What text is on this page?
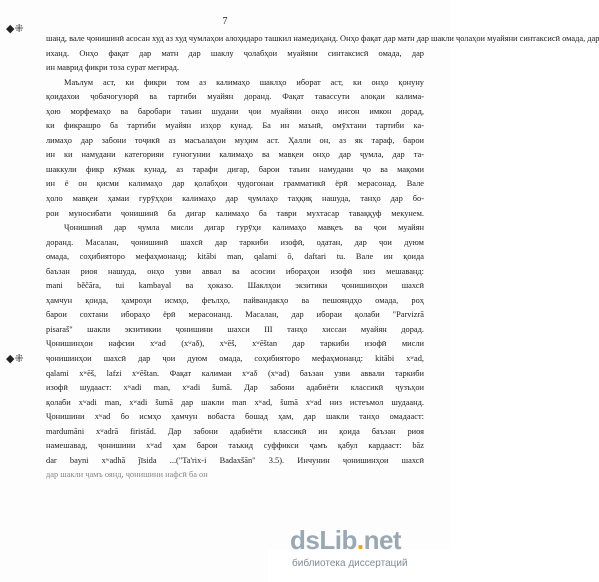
7
◆⁜
◆⁜
шанд, вале ҷонишинӣ асосан худ аз худ чумлаҳои алоҳидаро ташкил намедиҳанд. Онҳо фақат дар матн дар шакли ҷолаҳои муайяни синтаксисӣ омада, дар
иханд. Онҳо фақат дар матн дар шаклу ҷолабҳои муайяни синтаксисӣ омада, дар
ин маврид фикри тоза сурат мегирад.
Маълум аст, ки фикри том аз калимаҳо шаклҳо иборат аст, ки онҳо қонуну
қоидахои ҷобачогузорӣ ва тартиби муайян доранд. Фақат тавассути алоқаи калима-
ҳою морфемаҳо ва баробари таъин шудани ҷои муайяни онҳо инсон имкон дорад,
ки фикрашро ба тартиби муайян изҳор кунад. Ба ин маънӣ, омӯхтани тартиби ка-
лимаҳо дар забони тоҷикӣ аз масъалаҳои муҳим аст. Ҳалли он, аз як тараф, барои
ин ки намудани категорияи гуногунии калимаҳо ва мавқеи онҳо дар ҷумла, дар та-
шаккули фикр кӯмак кунад, аз тарафи дигар, барои таъин намудани ҷо ва мақоми
ин ё он қисми калимаҳо дар қолабҳои ҷудогонаи грамматикӣ ёрӣ мерасонад. Вале
ҳоло мавқеи ҳамаи гурӯҳҳои калимаҳо дар ҷумлаҳо таҳқиқ нашуда, танҳо дар бо-
рои муносибати ҷонишинӣ ба дигар калимаҳо ба таври мухтасар таваққуф мекунем.
Ҷонишинӣ дар ҷумла мисли дигар гурӯҳи калимаҳо мавқеъ ва ҷои муайян
доранд. Масалан, ҷонишинӣ шахсӣ дар таркиби изофӣ, одатан, дар ҷои дуюм
омада, соҳибияторо мефаҳмонанд; kitābi man, qalami ō, daftari tu. Вале ин қоида
баъзан риоя нашуда, онҳо узви аввал ва асосии ибораҳои изофӣ низ мешаванд:
mani běčāra, tui kambayal ва ҳоказо. Шаклҳои экзитики ҷонишинҳои шахсӣ
ҳамчун қоида, ҳамроҳи исмҳо, феълҳо, пайвандакҳо ва пешояндҳо омада, роҳ
барои сохтани ибораҳо ёрӣ мерасонанд. Масалан, дар ибораи қолаби "Parvizrā
pisaraš" шакли экзитикии ҷонишини шахси III танҳо хиссаи муайян дорад.
Ҷонишинҳои нафсии xʷad (xʷaδ), xʷēš, xʷēštan дар таркиби изофӣ мисли
ҷонишинҳои шахсӣ дар ҷои дуюм омада, соҳибияторо мефаҳмонанд: kitābi xʷad,
qalami xʷēš, lafzi xʷēštan. Фақат калимаи xʷaδ (xʷad) баъзан узви аввали таркиби
изофӣ шудааст: xʷadi man, xʷadi šumā. Дар забони адабиёти классикӣ ҷузъҳои
қолаби xʷadi man, xʷadi šumā дар шакли man xʷad, šumā xʷad низ истеъмол шудаанд.
Ҷонишини xʷad бо исмҳо ҳамчун вобаста бошад ҳам, дар шакли танҳо омадааст:
mardumāni xʷadrā firistād. Дар забони адабиёти классикӣ ин қоида баъзан риоя
намешавад, ҷонишини xʷad ҳам барои таъкид суффикси ҷамъ қабул кардааст: bāz
dar bayni xʷadhā ǰīsida ...("Ta'rix-i Badaxšān" 3.5). Инчунин ҷонишинҳои шахсӣ
дар шакли ҷамъ оянд, ҷонишини нафсӣ ба он
dsLib.net
библиотека диссертаций
